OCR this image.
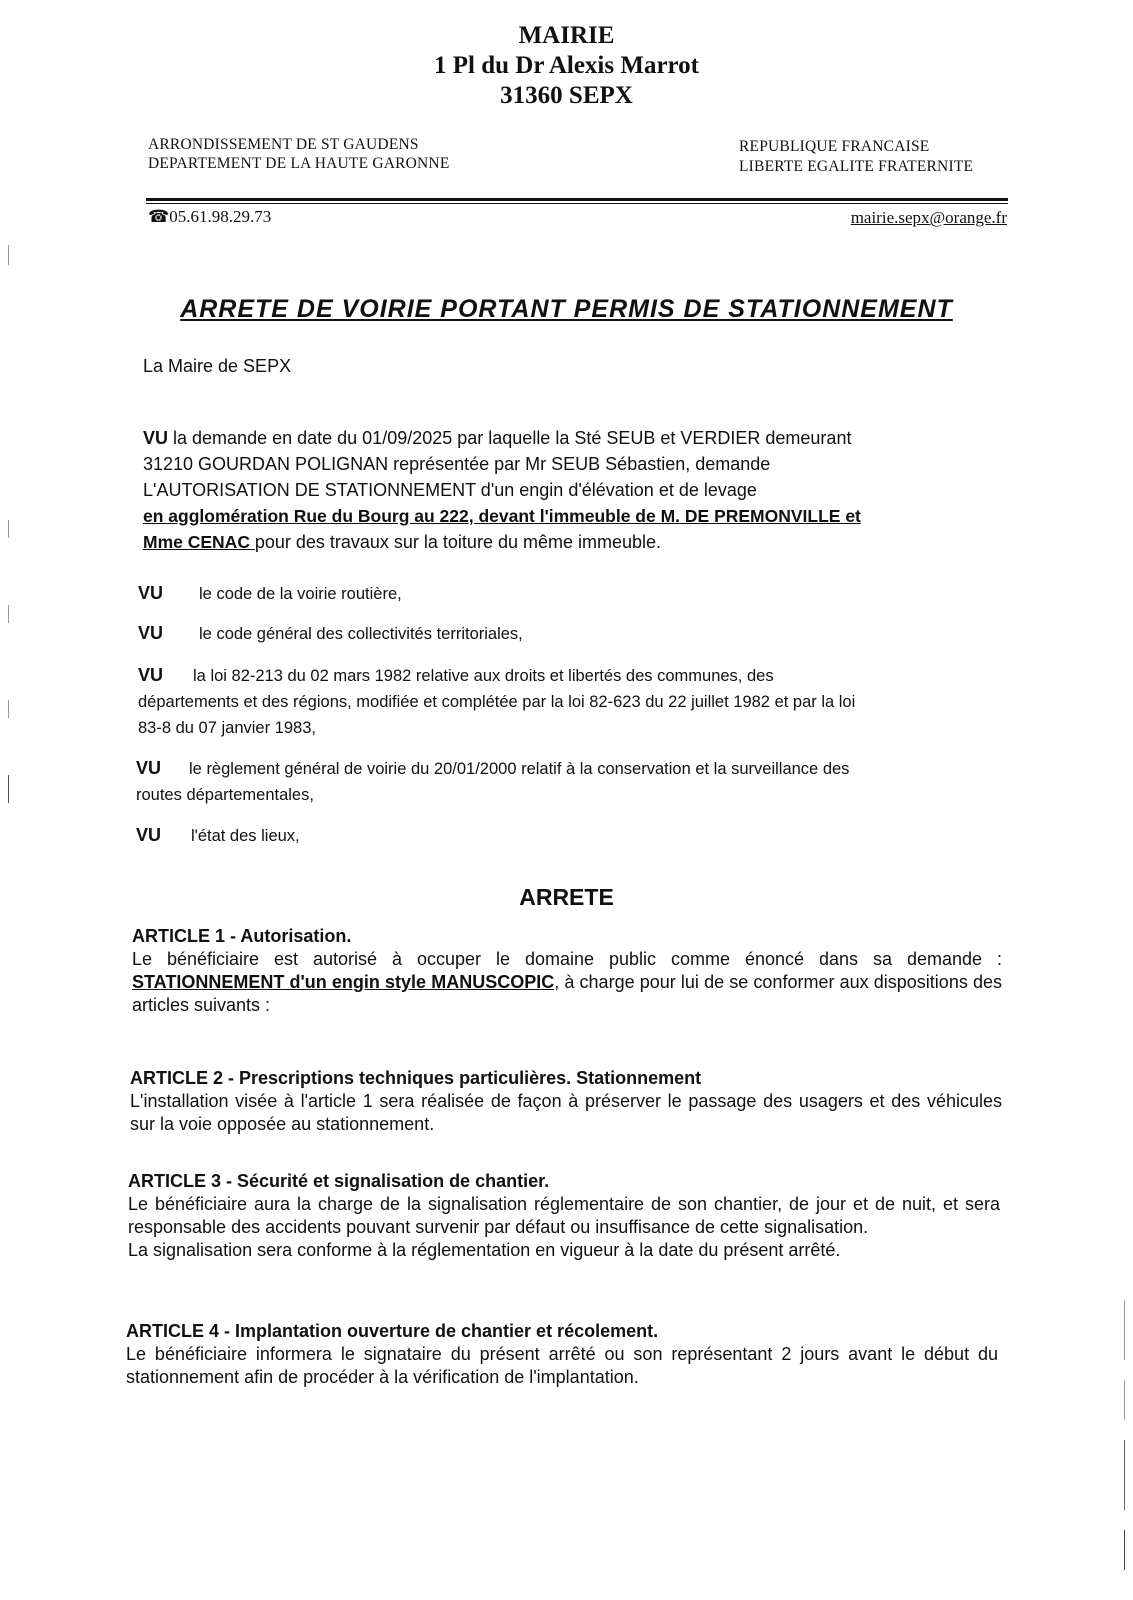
MAIRIE
1 Pl du Dr Alexis Marrot
31360 SEPX
ARRONDISSEMENT DE ST GAUDENS
DEPARTEMENT DE LA HAUTE GARONNE
REPUBLIQUE FRANCAISE
LIBERTE EGALITE FRATERNITE
☎05.61.98.29.73	mairie.sepx@orange.fr
ARRETE DE VOIRIE PORTANT PERMIS DE STATIONNEMENT
La Maire de SEPX
VU la demande en date du 01/09/2025 par laquelle la Sté SEUB et VERDIER demeurant
31210 GOURDAN POLIGNAN représentée par Mr SEUB Sébastien, demande
L'AUTORISATION DE STATIONNEMENT d'un engin d'élévation et de levage
en agglomération Rue du Bourg au 222, devant l'immeuble de M. DE PREMONVILLE et
Mme CENAC pour des travaux sur la toiture du même immeuble.
VU le code de la voirie routière,
VU le code général des collectivités territoriales,
VU la loi 82-213 du 02 mars 1982 relative aux droits et libertés des communes, des
départements et des régions, modifiée et complétée par la loi 82-623 du 22 juillet 1982 et par la loi
83-8 du 07 janvier 1983,
VU le règlement général de voirie du 20/01/2000 relatif à la conservation et la surveillance des
routes départementales,
VU l'état des lieux,
ARRETE
ARTICLE 1 - Autorisation.
Le bénéficiaire est autorisé à occuper le domaine public comme énoncé dans sa demande : STATIONNEMENT d'un engin style MANUSCOPIC, à charge pour lui de se conformer aux dispositions des articles suivants :
ARTICLE 2 - Prescriptions techniques particulières. Stationnement
L'installation visée à l'article 1 sera réalisée de façon à préserver le passage des usagers et des véhicules sur la voie opposée au stationnement.
ARTICLE 3 - Sécurité et signalisation de chantier.
Le bénéficiaire aura la charge de la signalisation réglementaire de son chantier, de jour et de nuit, et sera responsable des accidents pouvant survenir par défaut ou insuffisance de cette signalisation.
La signalisation sera conforme à la réglementation en vigueur à la date du présent arrêté.
ARTICLE 4 - Implantation ouverture de chantier et récolement.
Le bénéficiaire informera le signataire du présent arrêté ou son représentant 2 jours avant le début du stationnement afin de procéder à la vérification de l'implantation.
